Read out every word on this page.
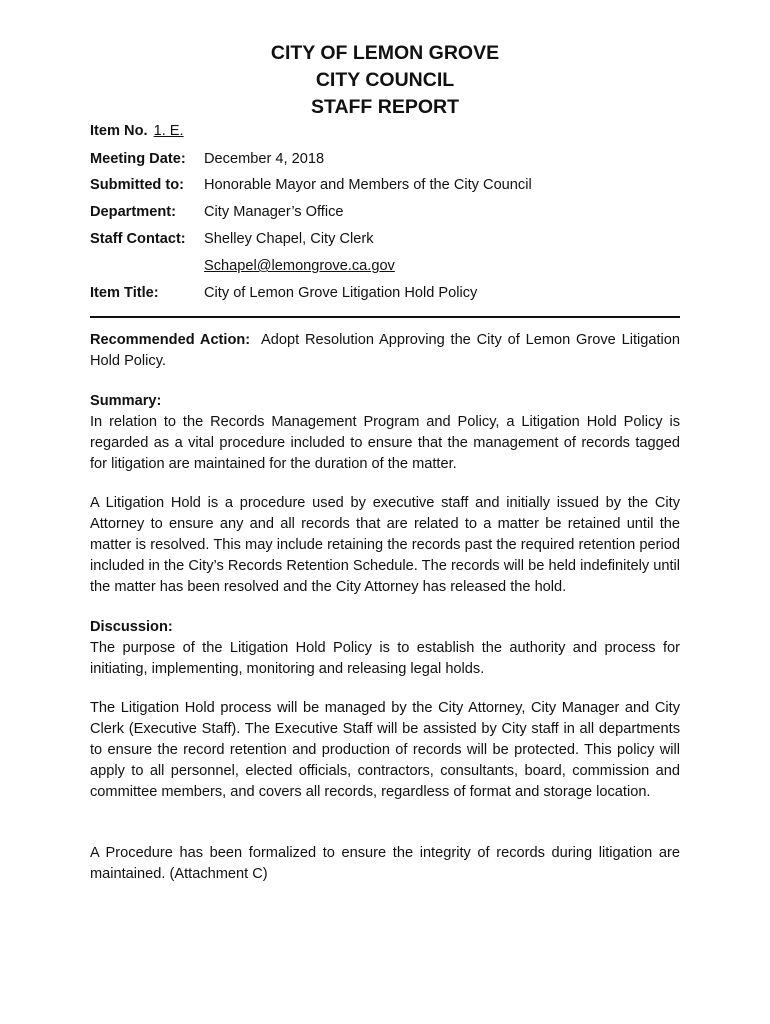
CITY OF LEMON GROVE
CITY COUNCIL
STAFF REPORT
Item No. 1. E.
Meeting Date: December 4, 2018
Submitted to: Honorable Mayor and Members of the City Council
Department: City Manager’s Office
Staff Contact: Shelley Chapel, City Clerk
Schapel@lemongrove.ca.gov
Item Title:	City of Lemon Grove Litigation Hold Policy
Recommended Action: Adopt Resolution Approving the City of Lemon Grove Litigation Hold Policy.
Summary:
In relation to the Records Management Program and Policy, a Litigation Hold Policy is regarded as a vital procedure included to ensure that the management of records tagged for litigation are maintained for the duration of the matter.
A Litigation Hold is a procedure used by executive staff and initially issued by the City Attorney to ensure any and all records that are related to a matter be retained until the matter is resolved. This may include retaining the records past the required retention period included in the City’s Records Retention Schedule. The records will be held indefinitely until the matter has been resolved and the City Attorney has released the hold.
Discussion:
The purpose of the Litigation Hold Policy is to establish the authority and process for initiating, implementing, monitoring and releasing legal holds.
The Litigation Hold process will be managed by the City Attorney, City Manager and City Clerk (Executive Staff). The Executive Staff will be assisted by City staff in all departments to ensure the record retention and production of records will be protected. This policy will apply to all personnel, elected officials, contractors, consultants, board, commission and committee members, and covers all records, regardless of format and storage location.
A Procedure has been formalized to ensure the integrity of records during litigation are maintained. (Attachment C)
